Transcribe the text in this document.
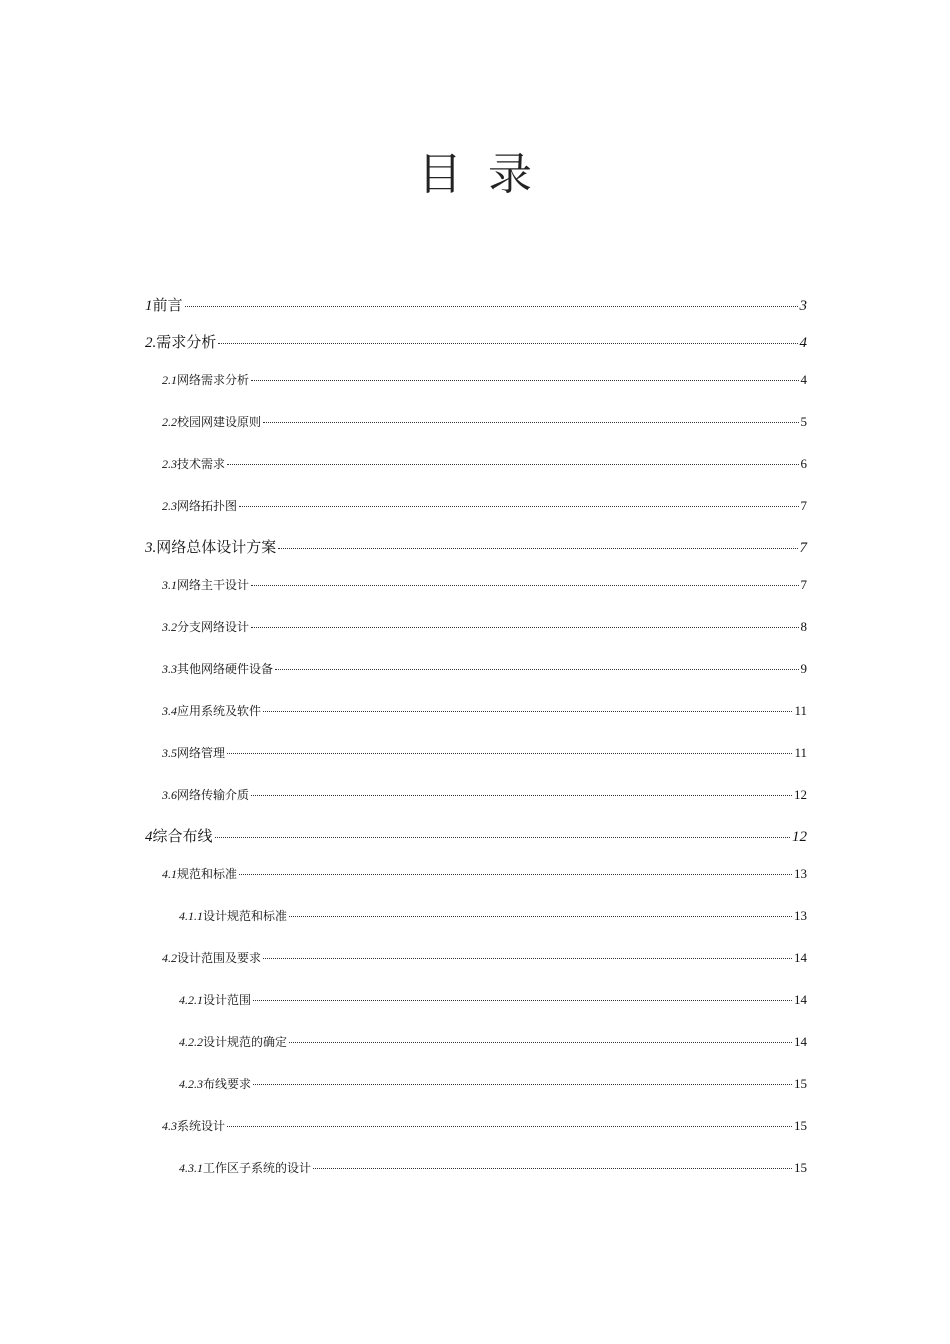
目录
1 前言	3
2. 需求分析	4
2.1 网络需求分析	4
2.2 校园网建设原则	5
2.3 技术需求	6
2.3 网络拓扑图	7
3. 网络总体设计方案	7
3.1 网络主干设计	7
3.2 分支网络设计	8
3.3 其他网络硬件设备	9
3.4 应用系统及软件	11
3.5 网络管理	11
3.6 网络传输介质	12
4 综合布线	12
4.1 规范和标准	13
4.1.1 设计规范和标准	13
4.2 设计范围及要求	14
4.2.1 设计范围	14
4.2.2 设计规范的确定	14
4.2.3 布线要求	15
4.3 系统设计	15
4.3.1 工作区子系统的设计	15
